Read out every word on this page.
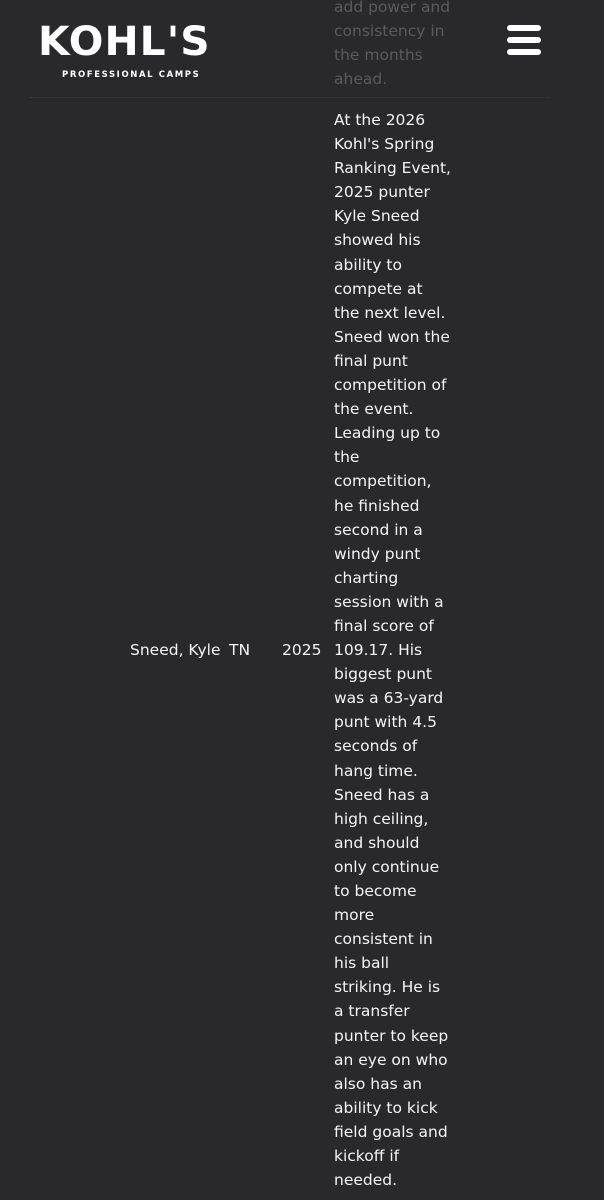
KOHL'S
PROFESSIONAL CAMPS
add power and consistency in the months ahead.
Sneed, Kyle TN 2025
At the 2026 Kohl's Spring Ranking Event, 2025 punter Kyle Sneed showed his ability to compete at the next level. Sneed won the final punt competition of the event. Leading up to the competition, he finished second in a windy punt charting session with a final score of 109.17. His biggest punt was a 63-yard punt with 4.5 seconds of hang time. Sneed has a high ceiling, and should only continue to become more consistent in his ball striking. He is a transfer punter to keep an eye on who also has an ability to kick field goals and kickoff if needed.
